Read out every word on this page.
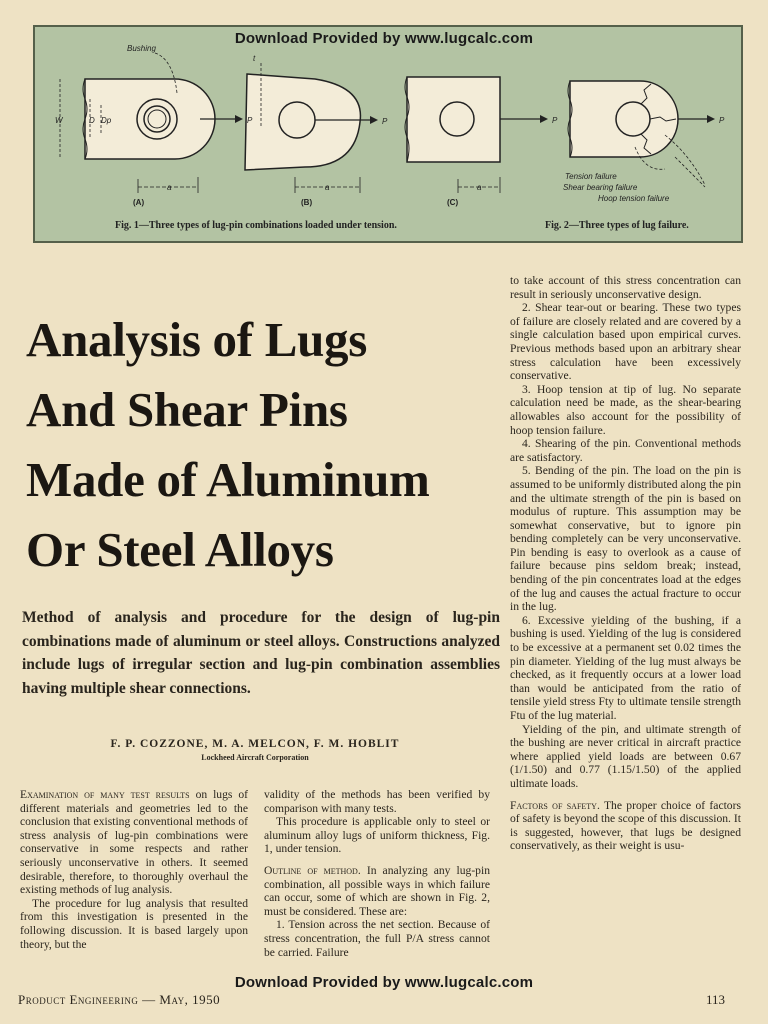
Bushing
W	D Dp	P
a
t
P
a
P
a
P
(A)	(B)	(C)
Tension failure
Shear bearing failure
Hoop tension failure
Fig. 1—Three types of lug-pin combinations loaded under tension.	Fig. 2—Three types of lug failure.
Download Provided by www.lugcalc.com
Analysis of Lugs
And Shear Pins
Made of Aluminum
Or Steel Alloys
Method of analysis and procedure for the design of lug-pin combinations made of aluminum or steel alloys. Constructions analyzed include lugs of irregular section and lug-pin combination assemblies having multiple shear connections.
F. P. COZZONE, M. A. MELCON, F. M. HOBLIT
Lockheed Aircraft Corporation

Examination of many test results on lugs of different materials and geometries led to the conclusion that existing conventional methods of stress analysis of lug-pin combinations were conservative in some respects and rather seriously unconservative in others. It seemed desirable, therefore, to thoroughly overhaul the existing methods of lug analysis.

The procedure for lug analysis that resulted from this investigation is presented in the following discussion. It is based largely upon theory, but the

validity of the methods has been verified by comparison with many tests.

This procedure is applicable only to steel or aluminum alloy lugs of uniform thickness, Fig. 1, under tension.

Outline of method. In analyzing any lug-pin combination, all possible ways in which failure can occur, some of which are shown in Fig. 2, must be considered. These are:

1. Tension across the net section. Because of stress concentration, the full P/A stress cannot be carried. Failure

to take account of this stress concentration can result in seriously unconservative design.

2. Shear tear-out or bearing. These two types of failure are closely related and are covered by a single calculation based upon empirical curves. Previous methods based upon an arbitrary shear stress calculation have been excessively conservative.

3. Hoop tension at tip of lug. No separate calculation need be made, as the shear-bearing allowables also account for the possibility of hoop tension failure.

4. Shearing of the pin. Conventional methods are satisfactory.

5. Bending of the pin. The load on the pin is assumed to be uniformly distributed along the pin and the ultimate strength of the pin is based on modulus of rupture. This assumption may be somewhat conservative, but to ignore pin bending completely can be very unconservative. Pin bending is easy to overlook as a cause of failure because pins seldom break; instead, bending of the pin concentrates load at the edges of the lug and causes the actual fracture to occur in the lug.

6. Excessive yielding of the bushing, if a bushing is used. Yielding of the lug is considered to be excessive at a permanent set 0.02 times the pin diameter. Yielding of the lug must always be checked, as it frequently occurs at a lower load than would be anticipated from the ratio of tensile yield stress Fty to ultimate tensile strength Ftu of the lug material.

Yielding of the pin, and ultimate strength of the bushing are never critical in aircraft practice where applied yield loads are between 0.67 (1/1.50) and 0.77 (1.15/1.50) of the applied ultimate loads.

Factors of safety. The proper choice of factors of safety is beyond the scope of this discussion. It is suggested, however, that lugs be designed conservatively, as their weight is usu-

Download Provided by www.lugcalc.com
Product Engineering — May, 1950	113
